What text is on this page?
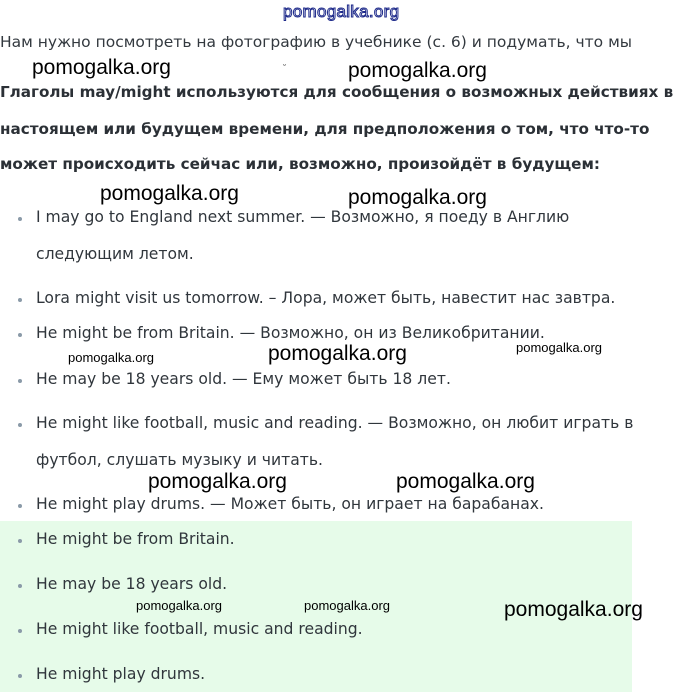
pomogalka.org
Нам нужно посмотреть на фотографию в учебнике (с. 6) и подумать, что мы
˘
Глаголы may/might используются для сообщения о возможных действиях в
настоящем или будущем времени, для предположения о том, что что-то
может происходить сейчас или, возможно, произойдёт в будущем:
I may go to England next summer. — Возможно, я поеду в Англию
следующим летом.
Lora might visit us tomorrow. – Лора, может быть, навестит нас завтра.
He might be from Britain. — Возможно, он из Великобритании.
He may be 18 years old. — Ему может быть 18 лет.
He might like football, music and reading. — Возможно, он любит играть в
футбол, слушать музыку и читать.
He might play drums. — Может быть, он играет на барабанах.
He might be from Britain.
He may be 18 years old.
He might like football, music and reading.
He might play drums.
pomogalka.org	pomogalka.org
pomogalka.org	pomogalka.org
pomogalka.org	pomogalka.org	pomogalka.org
pomogalka.org	pomogalka.org
pomogalka.org	pomogalka.org	pomogalka.org
